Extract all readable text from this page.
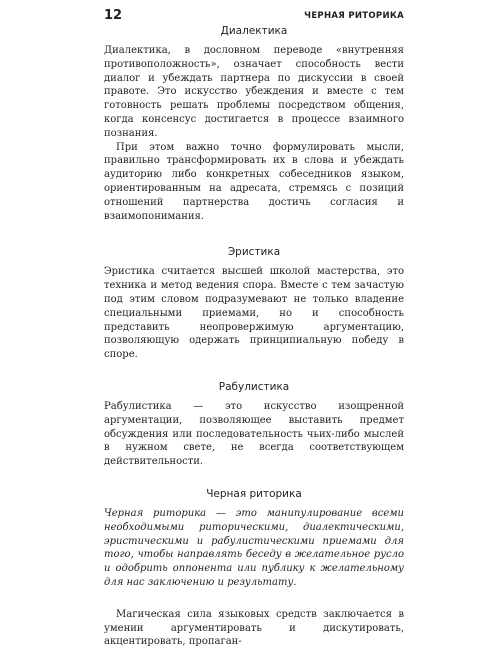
12	ЧЕРНАЯ РИТОРИКА
Диалектика

Диалектика, в дословном переводе «внутренняя противоположность», означает способность вести диалог и убеждать партнера по дискуссии в своей правоте. Это искусство убеждения и вместе с тем готовность решать проблемы посредством общения, когда консенсус достигается в процессе взаимного познания.

При этом важно точно формулировать мысли, правильно трансформировать их в слова и убеждать аудиторию либо конкретных собеседников языком, ориентированным на адресата, стремясь с позиций отношений партнерства достичь согласия и взаимопонимания.

Эристика

Эристика считается высшей школой мастерства, это техника и метод ведения спора. Вместе с тем зачастую под этим словом подразумевают не только владение специальными приемами, но и способность представить неопровержимую аргументацию, позволяющую одержать принципиальную победу в споре.

Рабулистика

Рабулистика — это искусство изощренной аргументации, позволяющее выставить предмет обсуждения или последовательность чьих-либо мыслей в нужном свете, не всегда соответствующем действительности.

Черная риторика

Черная риторика — это манипулирование всеми необходимыми риторическими, диалектическими, эристическими и рабулистическими приемами для того, чтобы направлять беседу в желательное русло и одобрить оппонента или публику к желательному для нас заключению и результату.

Магическая сила языковых средств заключается в умении аргументировать и дискутировать, акцентировать, пропаган-
